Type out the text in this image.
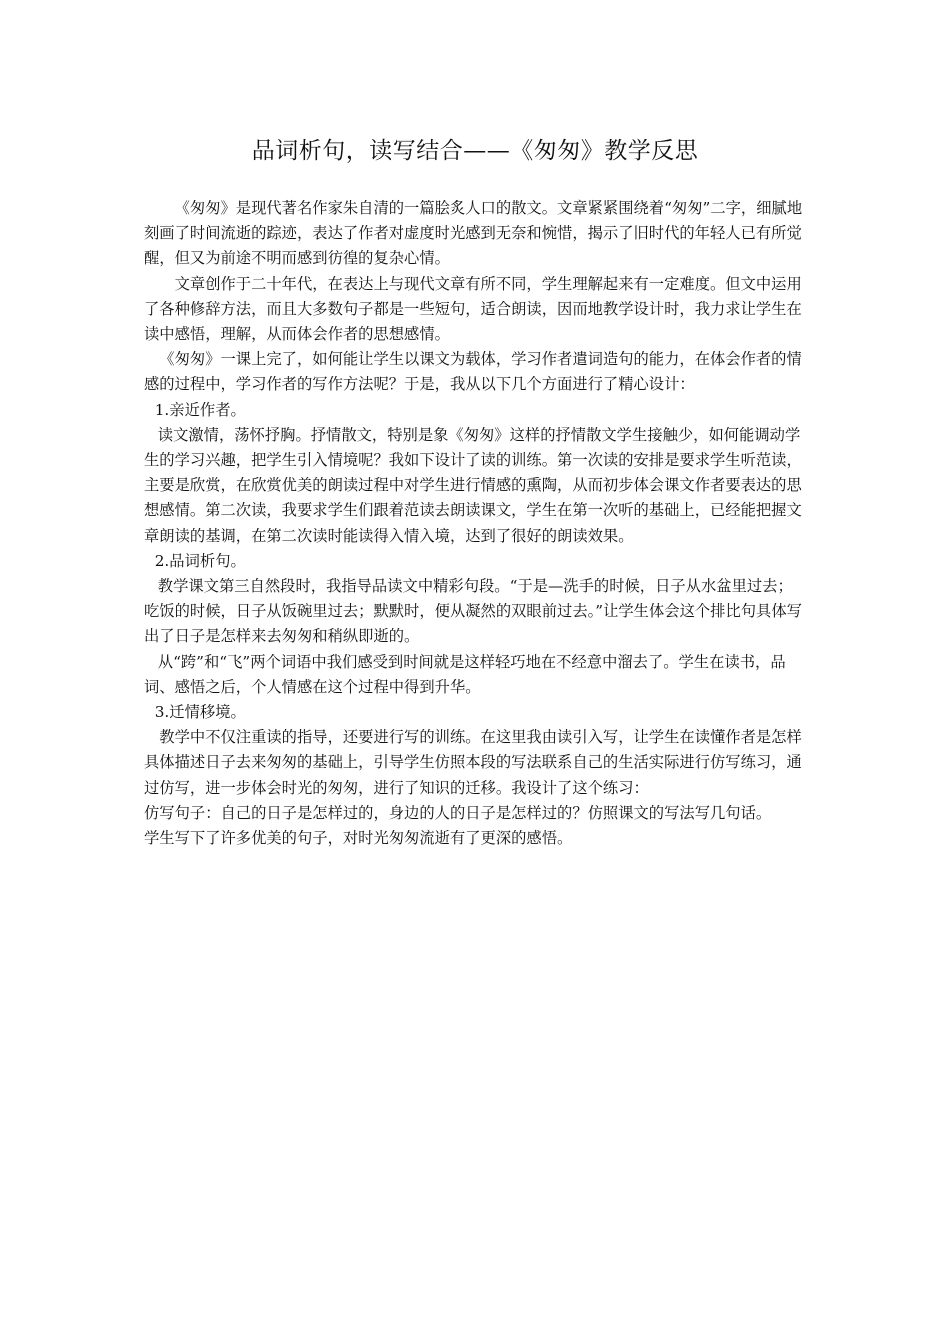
品词析句，读写结合——《匆匆》教学反思

《匆匆》是现代著名作家朱自清的一篇脍炙人口的散文。文章紧紧围绕着“匆匆”二字，细腻地刻画了时间流逝的踪迹，表达了作者对虚度时光感到无奈和惋惜，揭示了旧时代的年轻人已有所觉醒，但又为前途不明而感到彷徨的复杂心情。

文章创作于二十年代，在表达上与现代文章有所不同，学生理解起来有一定难度。但文中运用了各种修辞方法，而且大多数句子都是一些短句，适合朗读，因而地教学设计时，我力求让学生在读中感悟，理解，从而体会作者的思想感情。

《匆匆》一课上完了，如何能让学生以课文为载体，学习作者遣词造句的能力，在体会作者的情感的过程中，学习作者的写作方法呢？于是，我从以下几个方面进行了精心设计：

1.亲近作者。

读文激情，荡怀抒胸。抒情散文，特别是象《匆匆》这样的抒情散文学生接触少，如何能调动学生的学习兴趣，把学生引入情境呢？我如下设计了读的训练。第一次读的安排是要求学生听范读，主要是欣赏，在欣赏优美的朗读过程中对学生进行情感的熏陶，从而初步体会课文作者要表达的思想感情。第二次读，我要求学生们跟着范读去朗读课文，学生在第一次听的基础上，已经能把握文章朗读的基调，在第二次读时能读得入情入境，达到了很好的朗读效果。

2.品词析句。

教学课文第三自然段时，我指导品读文中精彩句段。“于是—洗手的时候，日子从水盆里过去；吃饭的时候，日子从饭碗里过去；默默时，便从凝然的双眼前过去。”让学生体会这个排比句具体写出了日子是怎样来去匆匆和稍纵即逝的。

从“跨”和“飞”两个词语中我们感受到时间就是这样轻巧地在不经意中溜去了。学生在读书，品词、感悟之后，个人情感在这个过程中得到升华。

3.迁情移境。

教学中不仅注重读的指导，还要进行写的训练。在这里我由读引入写，让学生在读懂作者是怎样具体描述日子去来匆匆的基础上，引导学生仿照本段的写法联系自己的生活实际进行仿写练习，通过仿写，进一步体会时光的匆匆，进行了知识的迁移。我设计了这个练习：

仿写句子：自己的日子是怎样过的，身边的人的日子是怎样过的？仿照课文的写法写几句话。

学生写下了许多优美的句子，对时光匆匆流逝有了更深的感悟。
